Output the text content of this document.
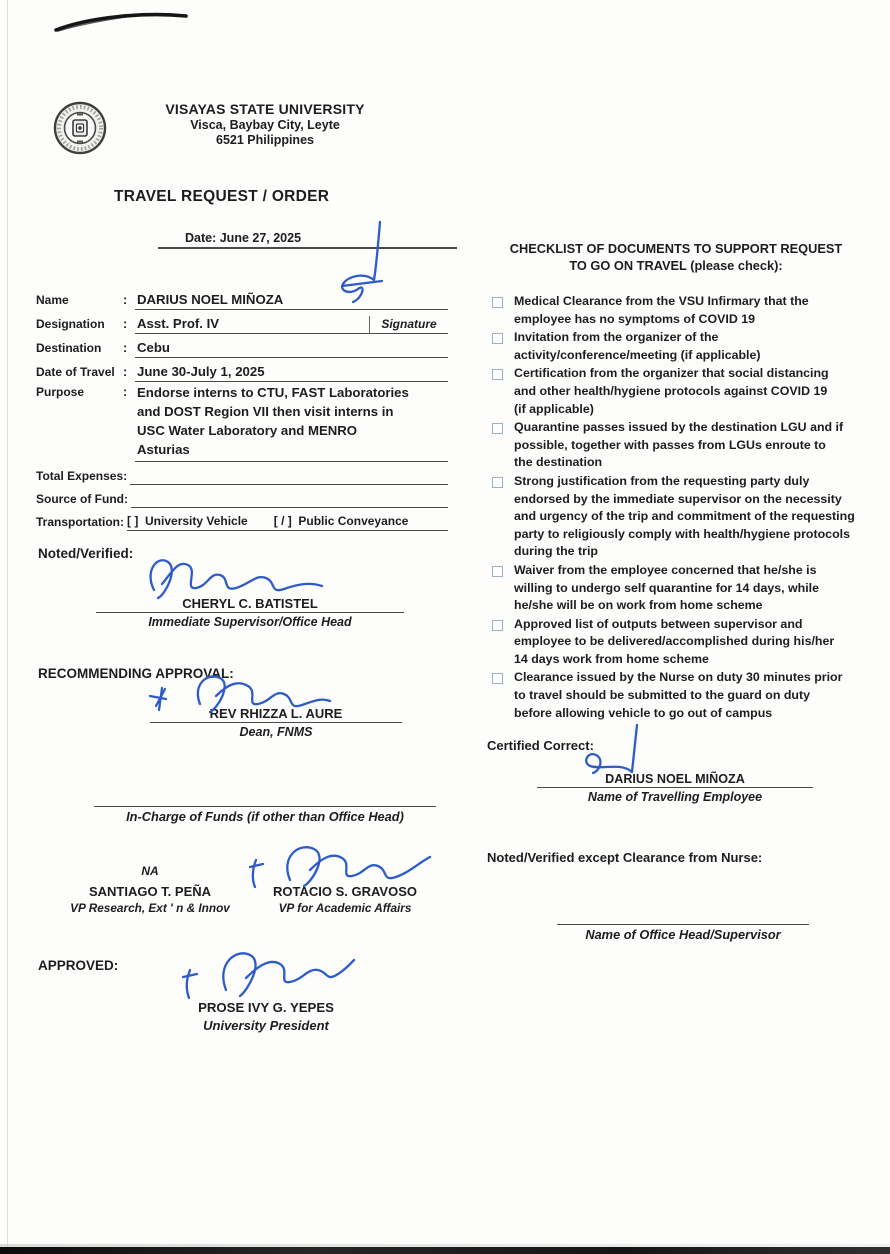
VISAYAS STATE UNIVERSITY
Visca, Baybay City, Leyte
6521 Philippines
TRAVEL REQUEST / ORDER
Date: June 27, 2025
Name	: DARIUS NOEL MIÑOZA
Designation	: Asst. Prof. IV	Signature
Destination	: Cebu
Date of Travel : June 30-July 1, 2025
Purpose	: Endorse interns to CTU, FAST Laboratories
and DOST Region VII then visit interns in
USC Water Laboratory and MENRO
Asturias
Total Expenses:
Source of Fund:
Transportation: [ ]  University Vehicle [ / ]  Public Conveyance
Noted/Verified:
CHERYL C. BATISTEL
Immediate Supervisor/Office Head
RECOMMENDING APPROVAL:
REV RHIZZA L. AURE
Dean, FNMS
In-Charge of Funds (if other than Office Head)
NA
SANTIAGO T. PEÑA
VP Research, Ext ' n & Innov
ROTACIO S. GRAVOSO
VP for Academic Affairs
APPROVED:
PROSE IVY G. YEPES
University President
CHECKLIST OF DOCUMENTS TO SUPPORT REQUEST
TO GO ON TRAVEL (please check):
Medical Clearance from the VSU Infirmary that the employee has no symptoms of COVID 19
Invitation from the organizer of the activity/conference/meeting (if applicable)
Certification from the organizer that social distancing and other health/hygiene protocols against COVID 19 (if applicable)
Quarantine passes issued by the destination LGU and if possible, together with passes from LGUs enroute to the destination
Strong justification from the requesting party duly endorsed by the immediate supervisor on the necessity and urgency of the trip and commitment of the requesting party to religiously comply with health/hygiene protocols during the trip
Waiver from the employee concerned that he/she is willing to undergo self quarantine for 14 days, while he/she will be on work from home scheme
Approved list of outputs between supervisor and employee to be delivered/accomplished during his/her 14 days work from home scheme
Clearance issued by the Nurse on duty 30 minutes prior to travel should be submitted to the guard on duty before allowing vehicle to go out of campus
Certified Correct:
DARIUS NOEL MIÑOZA
Name of Travelling Employee
Noted/Verified except Clearance from Nurse:
Name of Office Head/Supervisor
